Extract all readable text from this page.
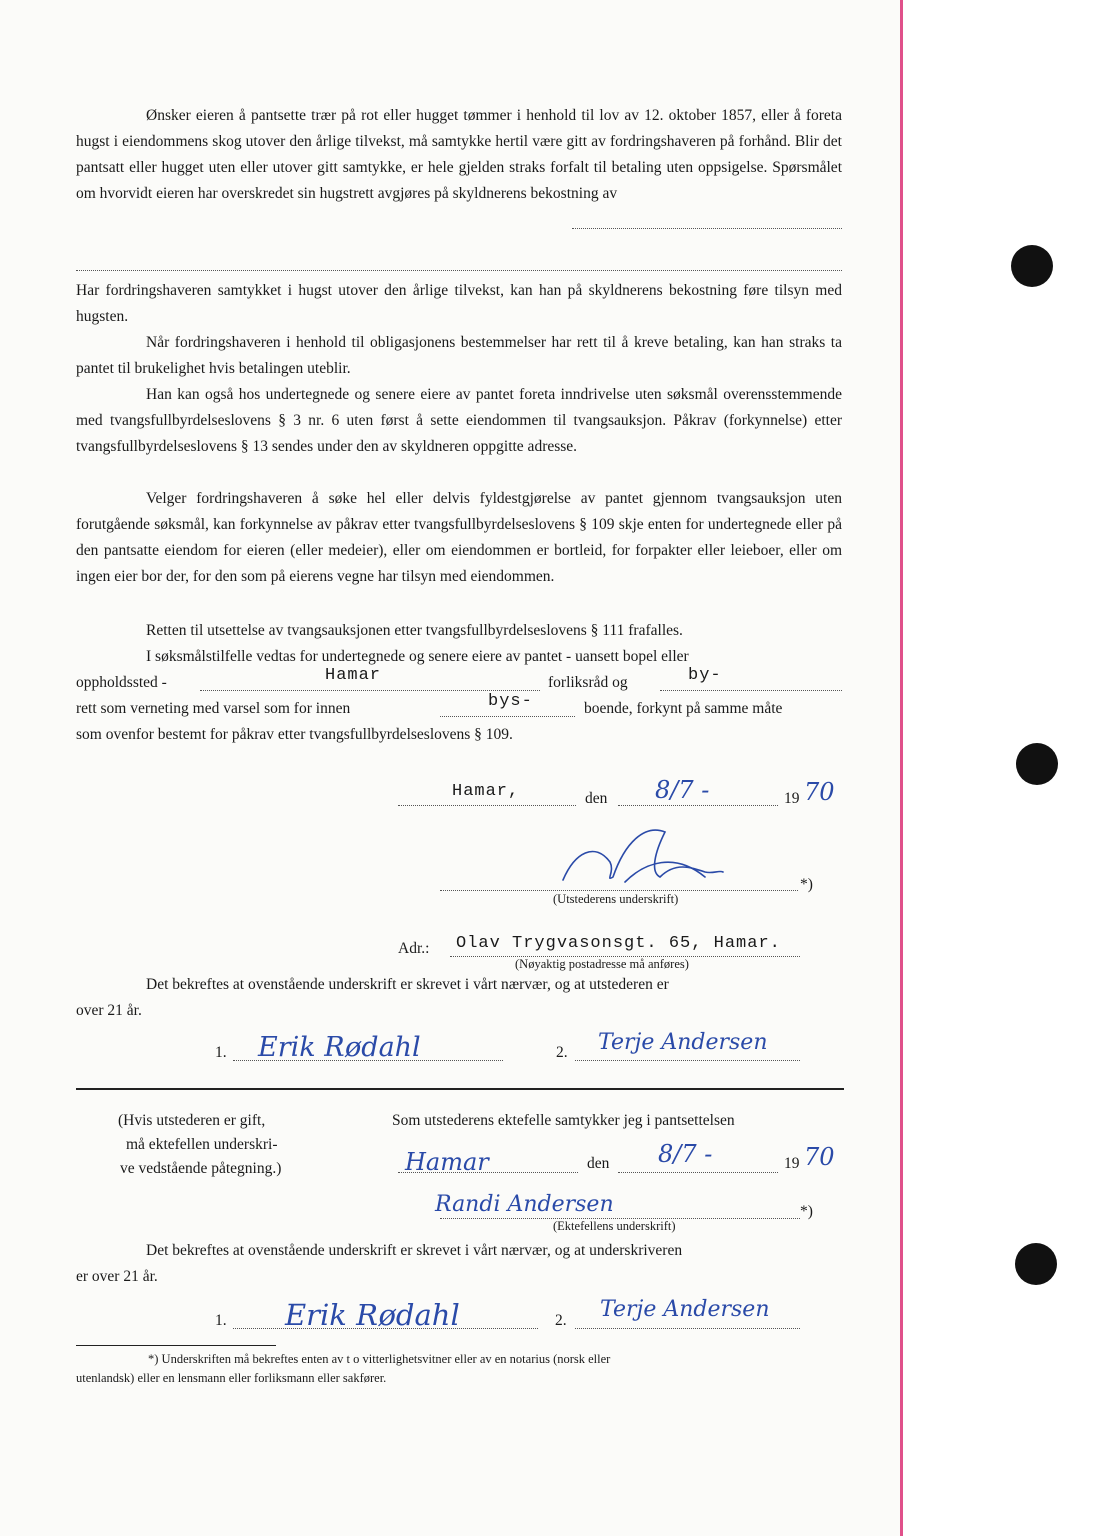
Ønsker eieren å pantsette trær på rot eller hugget tømmer i henhold til lov av 12. oktober 1857, eller å foreta hugst i eiendommens skog utover den årlige tilvekst, må samtykke hertil være gitt av fordringshaveren på forhånd. Blir det pantsatt eller hugget uten eller utover gitt samtykke, er hele gjelden straks forfalt til betaling uten oppsigelse. Spørsmålet om hvorvidt eieren har overskredet sin hugstrett avgjøres på skyldnerens bekostning av
Har fordringshaveren samtykket i hugst utover den årlige tilvekst, kan han på skyldnerens bekostning føre tilsyn med hugsten.
Når fordringshaveren i henhold til obligasjonens bestemmelser har rett til å kreve betaling, kan han straks ta pantet til brukelighet hvis betalingen uteblir.
Han kan også hos undertegnede og senere eiere av pantet foreta inndrivelse uten søksmål overensstemmende med tvangsfullbyrdelseslovens § 3 nr. 6 uten først å sette eiendommen til tvangsauksjon. Påkrav (forkynnelse) etter tvangsfullbyrdelseslovens § 13 sendes under den av skyldneren oppgitte adresse.
Velger fordringshaveren å søke hel eller delvis fyldestgjørelse av pantet gjennom tvangsauksjon uten forutgående søksmål, kan forkynnelse av påkrav etter tvangsfullbyrdelseslovens § 109 skje enten for undertegnede eller på den pantsatte eiendom for eieren (eller medeier), eller om eiendommen er bortleid, for forpakter eller leieboer, eller om ingen eier bor der, for den som på eierens vegne har tilsyn med eiendommen.
Retten til utsettelse av tvangsauksjonen etter tvangsfullbyrdelseslovens § 111 frafalles.
I søksmålstilfelle vedtas for undertegnede og senere eiere av pantet - uansett bopel eller
oppholdssted -	Hamar	forliksråd og	by-
rett som verneting med varsel som for innen	bys-	boende, forkynt på samme måte
som ovenfor bestemt for påkrav etter tvangsfullbyrdelseslovens § 109.
Hamar,	den 8/7 -	19 70
*)
(Utstederens underskrift)
Adr.: Olav Trygvasonsgt. 65, Hamar.
(Nøyaktig postadresse må anføres)
Det bekreftes at ovenstående underskrift er skrevet i vårt nærvær, og at utstederen er
over 21 år.
1. Erik Rødahl	2. Terje Andersen
(Hvis utstederen er gift,
må ektefellen underskri-
ve vedstående påtegning.)
Som utstederens ektefelle samtykker jeg i pantsettelsen
Hamar	den 8/7 -	19 70
Randi Andersen	*)
(Ektefellens underskrift)
Det bekreftes at ovenstående underskrift er skrevet i vårt nærvær, og at underskriveren
er over 21 år.
1. Erik Rødahl	2. Terje Andersen
*) Underskriften må bekreftes enten av t o vitterlighetsvitner eller av en notarius (norsk eller
utenlandsk) eller en lensmann eller forliksmann eller sakfører.
